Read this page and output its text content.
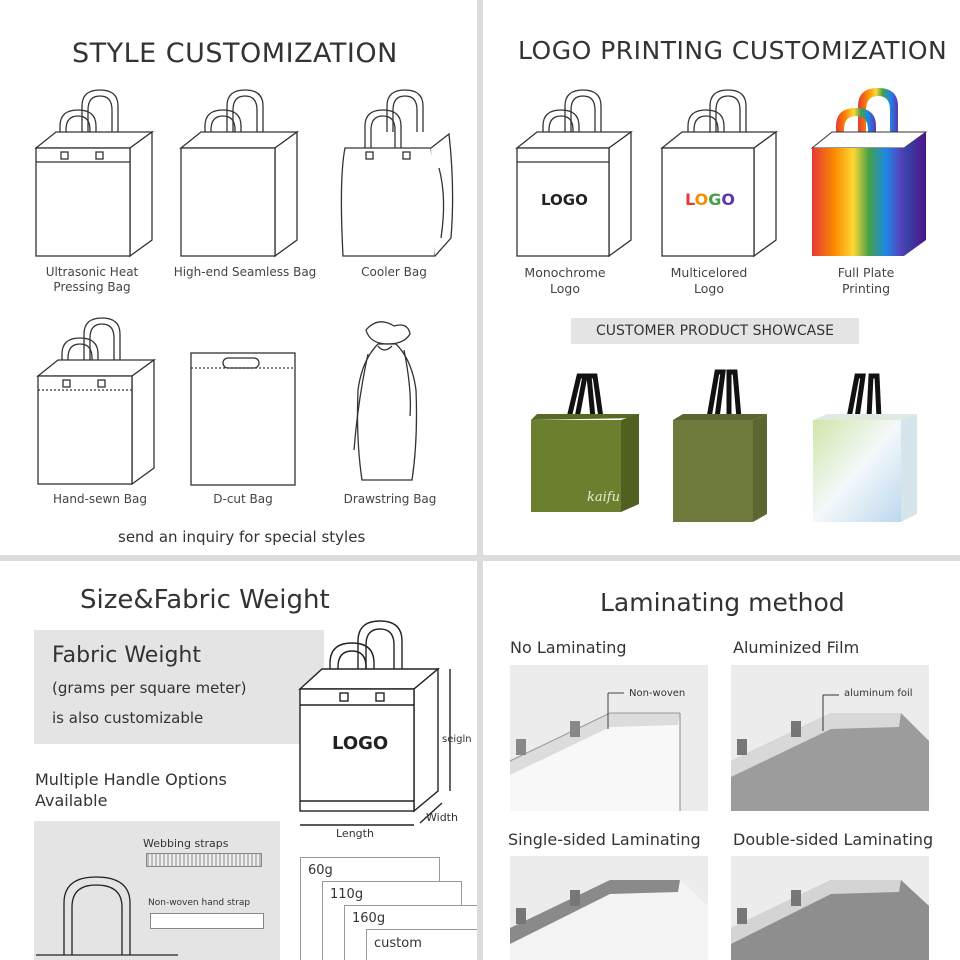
STYLE CUSTOMIZATION
Ultrasonic Heat
Pressing Bag
High-end Seamless Bag	Cooler Bag
Hand-sewn Bag	D-cut Bag	Drawstring Bag
send an inquiry for special styles
LOGO PRINTING CUSTOMIZATION
LOGO
Monochrome
Logo
LOGO
Multicelored
Logo
Full Plate
Printing
CUSTOMER PRODUCT SHOWCASE
kaifu
Size&Fabric Weight
Fabric Weight
(grams per square meter)
is also customizable
LOGO	seigln
Length
Width
Multiple Handle Options
Available
Webbing straps
Non-woven hand strap
60g
110g
160g
custom
Laminating method
No Laminating	Aluminized Film
Non-woven	aluminum foil
Single-sided Laminating Double-sided Laminating
